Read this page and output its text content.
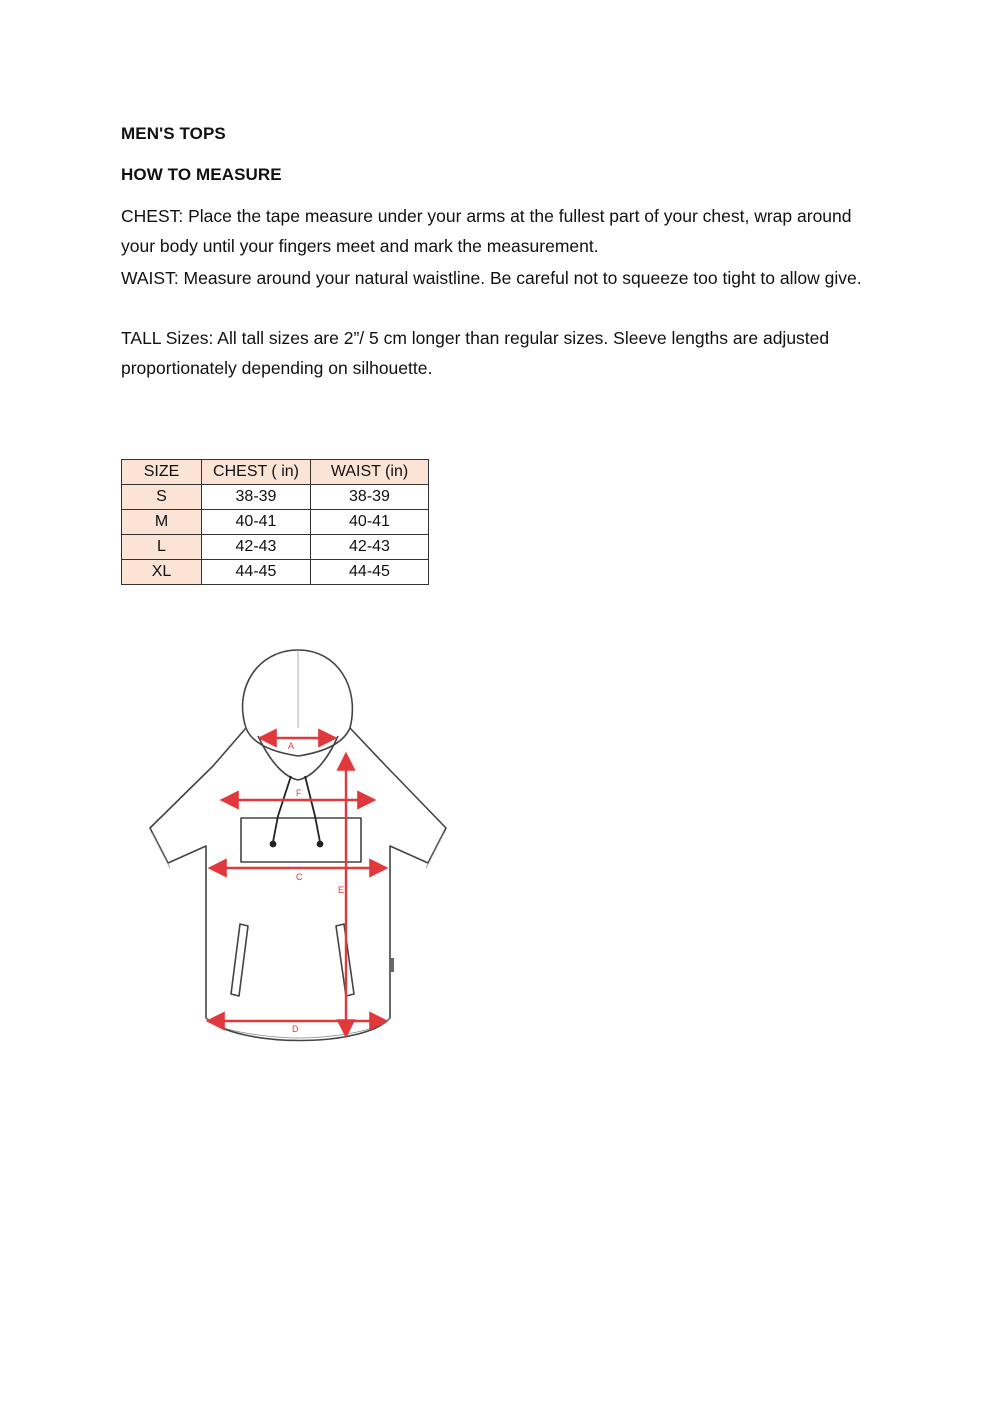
MEN'S TOPS
HOW TO MEASURE
CHEST: Place the tape measure under your arms at the fullest part of your chest, wrap around your body until your fingers meet and mark the measurement.
WAIST: Measure around your natural waistline. Be careful not to squeeze too tight to allow give.
TALL Sizes: All tall sizes are 2”/ 5 cm longer than regular sizes. Sleeve lengths are adjusted proportionately depending on silhouette.
SIZE	CHEST ( in)	WAIST (in)
S	38-39	38-39
M	40-41	40-41
L	42-43	42-43
XL	44-45	44-45
A
F
C
E
D
